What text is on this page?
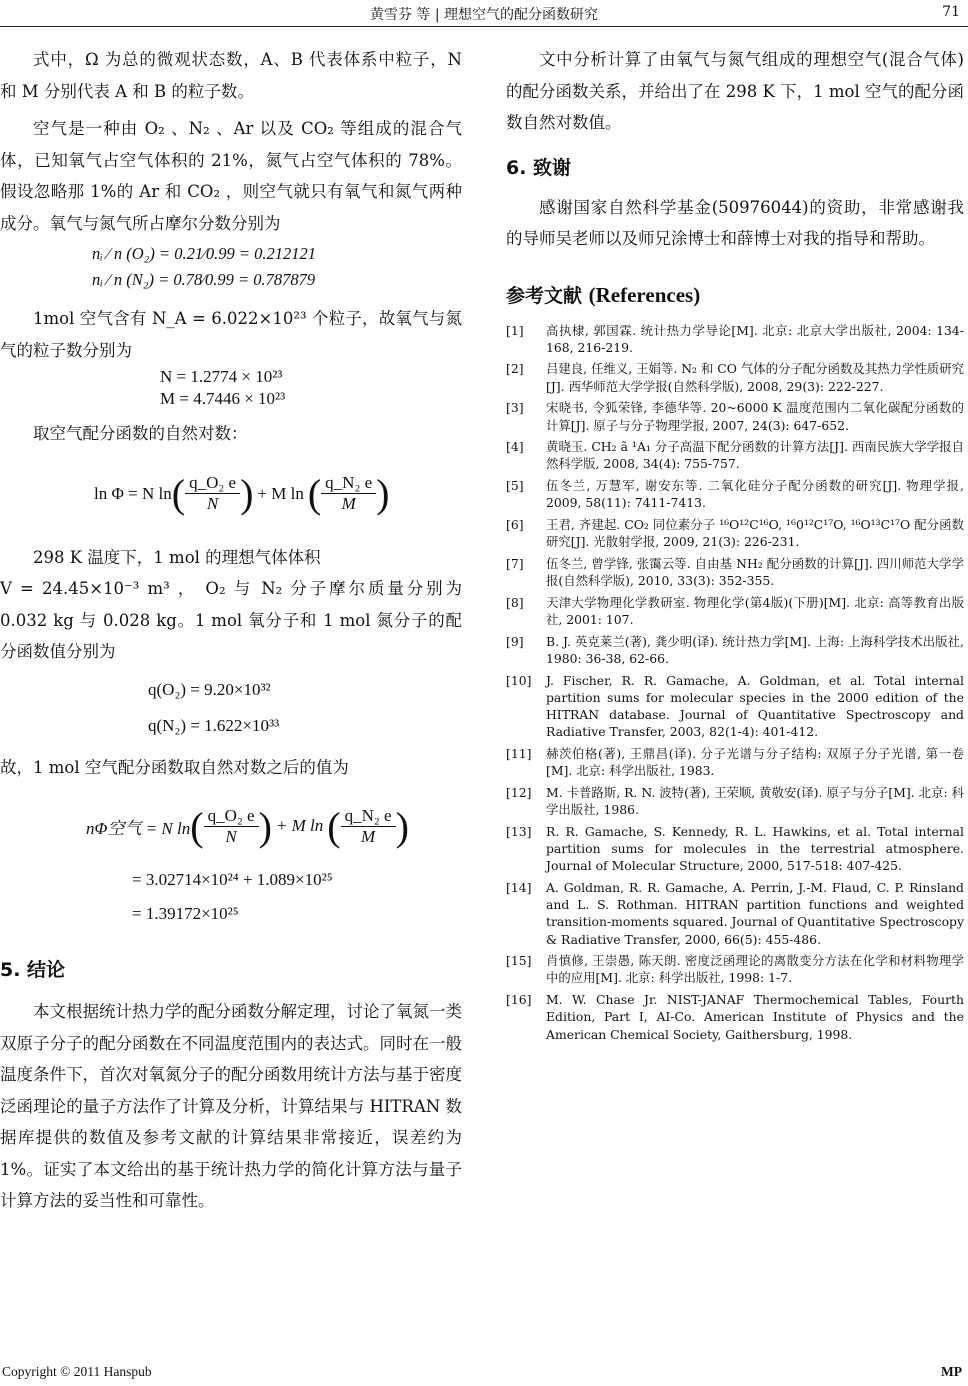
黄雪芬 等 | 理想空气的配分函数研究	71

式中，Ω 为总的微观状态数，A、B 代表体系中粒子，N 和 M 分别代表 A 和 B 的粒子数。

空气是一种由 O₂ 、N₂ 、Ar 以及 CO₂ 等组成的混合气体，已知氧气占空气体积的 21%，氮气占空气体积的 78%。假设忽略那 1%的 Ar 和 CO₂ ，则空气就只有氧气和氮气两种成分。氧气与氮气所占摩尔分数分别为

nᵢ ∕ n (O₂) = 0.21∕0.99 = 0.212121
nᵢ ∕ n (N₂) = 0.78∕0.99 = 0.787879

1mol 空气含有 N_A = 6.022×10²³ 个粒子，故氧气与氮气的粒子数分别为

N = 1.2774 × 10²³
M = 4.7446 × 10²³

取空气配分函数的自然对数：

ln Φ = N ln ( $\frac{\text{q\_O₂ e}}{N}$ ) + M ln ( $\frac{\text{q\_N₂ e}}{M}$ )

298 K 温度下，1 mol 的理想气体体积

V = 24.45×10⁻³ m³ ， O₂ 与 N₂ 分子摩尔质量分别为 0.032 kg 与 0.028 kg。1 mol 氧分子和 1 mol 氮分子的配分函数值分别为

q(O₂) = 9.20×10³²
q(N₂) = 1.622×10³³

故，1 mol 空气配分函数取自然对数之后的值为

nΦ空气 = N ln ( $\frac{\text{q\_O₂ e}}{N}$ ) + M ln ( $\frac{\text{q\_N₂ e}}{M}$ )
= 3.02714×10²⁴ + 1.089×10²⁵
= 1.39172×10²⁵
5. 结论

本文根据统计热力学的配分函数分解定理，讨论了氧氮一类双原子分子的配分函数在不同温度范围内的表达式。同时在一般温度条件下，首次对氧氮分子的配分函数用统计方法与基于密度泛函理论的量子方法作了计算及分析，计算结果与 HITRAN 数据库提供的数值及参考文献的计算结果非常接近，误差约为 1%。证实了本文给出的基于统计热力学的简化计算方法与量子计算方法的妥当性和可靠性。

文中分析计算了由氧气与氮气组成的理想空气(混合气体)的配分函数关系，并给出了在 298 K 下，1 mol 空气的配分函数自然对数值。

6. 致谢

感谢国家自然科学基金(50976044)的资助，非常感谢我的导师吴老师以及师兄涂博士和薛博士对我的指导和帮助。

参考文献 (References)
[1]	高执棣, 郭国霖. 统计热力学导论[M]. 北京: 北京大学出版社, 2004: 134-168, 216-219.
[2]	吕建良, 任维义, 王娟等. N₂ 和 CO 气体的分子配分函数及其热力学性质研究[J]. 西华师范大学学报(自然科学版), 2008, 29(3): 222-227.
[3]	宋晓书, 令狐荣锋, 李德华等. 20~6000 K 温度范围内二氧化碳配分函数的计算[J]. 原子与分子物理学报, 2007, 24(3): 647-652.
[4]	黄晓玉. CH₂ ã ¹A₁ 分子高温下配分函数的计算方法[J]. 西南民族大学学报自然科学版, 2008, 34(4): 755-757.
[5]	伍冬兰, 万慧军, 谢安东等. 二氧化硅分子配分函数的研究[J]. 物理学报, 2009, 58(11): 7411-7413.
[6]	王君, 齐建起. CO₂ 同位素分子 ¹⁶O¹²C¹⁶O, ¹⁶0¹²C¹⁷O, ¹⁶O¹³C¹⁷O 配分函数研究[J]. 光散射学报, 2009, 21(3): 226-231.
[7]	伍冬兰, 曾学锋, 张霭云等. 自由基 NH₂ 配分函数的计算[J]. 四川师范大学学报(自然科学版), 2010, 33(3): 352-355.
[8]	天津大学物理化学教研室. 物理化学(第4版)(下册)[M]. 北京: 高等教育出版社, 2001: 107.
[9]	B. J. 英克莱兰(著), 龚少明(译). 统计热力学[M]. 上海: 上海科学技术出版社, 1980: 36-38, 62-66.
[10]	J. Fischer, R. R. Gamache, A. Goldman, et al. Total internal partition sums for molecular species in the 2000 edition of the HITRAN database. Journal of Quantitative Spectroscopy and Radiative Transfer, 2003, 82(1-4): 401-412.
[11]	赫茨伯格(著), 王鼎昌(译). 分子光谱与分子结构: 双原子分子光谱, 第一卷[M]. 北京: 科学出版社, 1983.
[12]	M. 卡普路斯, R. N. 波特(著), 王荣顺, 黄敬安(译). 原子与分子[M]. 北京: 科学出版社, 1986.
[13]	R. R. Gamache, S. Kennedy, R. L. Hawkins, et al. Total internal partition sums for molecules in the terrestrial atmosphere. Journal of Molecular Structure, 2000, 517-518: 407-425.
[14]	A. Goldman, R. R. Gamache, A. Perrin, J.-M. Flaud, C. P. Rinsland and L. S. Rothman. HITRAN partition functions and weighted transition-moments squared. Journal of Quantitative Spectroscopy & Radiative Transfer, 2000, 66(5): 455-486.
[15]	肖慎修, 王崇愚, 陈天朗. 密度泛函理论的离散变分方法在化学和材料物理学中的应用[M]. 北京: 科学出版社, 1998: 1-7.
[16]	M. W. Chase Jr. NIST-JANAF Thermochemical Tables, Fourth Edition, Part I, AI-Co. American Institute of Physics and the American Chemical Society, Gaithersburg, 1998.
Copyright © 2011 Hanspub	MP
